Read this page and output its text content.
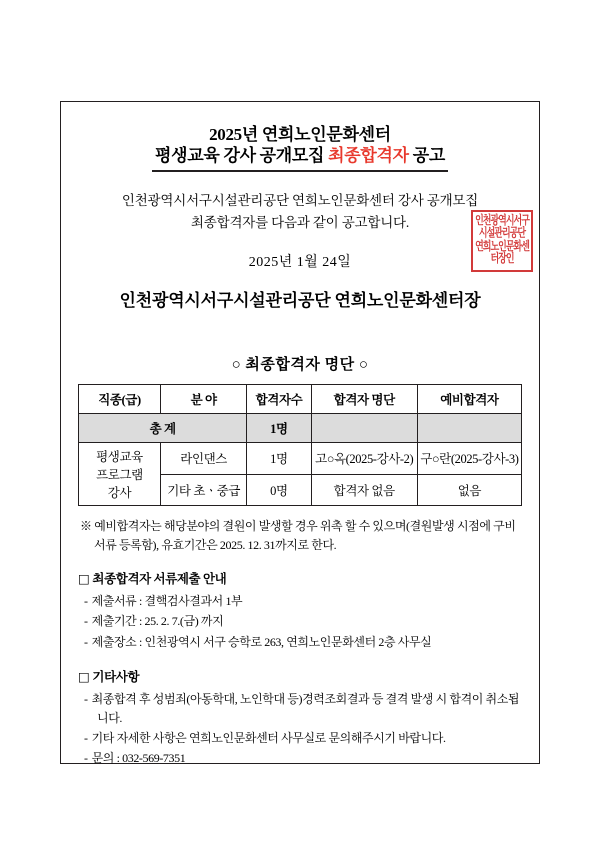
2025년 연희노인문화센터
평생교육 강사 공개모집 최종합격자 공고
인천광역시서구시설관리공단 연희노인문화센터 강사 공개모집
최종합격자를 다음과 같이 공고합니다.
2025년 1월 24일
인천광역시서구시설관리공단 연희노인문화센터장
인천광역시서구시설관리공단 연희노인문화센터장인
○ 최종합격자 명단 ○
직종(급)	분 야	합격자수	합격자 명단	예비합격자
총 계		1명		
평생교육
프로그램
강사	라인댄스	1명	고○옥(2025-강사-2)	구○란(2025-강사-3)
	기타 초ㆍ중급	0명	합격자 없음	없음
※ 예비합격자는 해당분야의 결원이 발생할 경우 위촉 할 수 있으며(결원발생 시점에 구비서류 등록함), 유효기간은 2025. 12. 31까지로 한다.
□ 최종합격자 서류제출 안내
- 제출서류 : 결핵검사결과서 1부
- 제출기간 : 25. 2. 7.(금) 까지
- 제출장소 : 인천광역시 서구 승학로 263, 연희노인문화센터 2층 사무실
□ 기타사항
- 최종합격 후 성범죄(아동학대, 노인학대 등)경력조회결과 등 결격 발생 시 합격이 취소됩니다.
- 기타 자세한 사항은 연희노인문화센터 사무실로 문의해주시기 바랍니다.
- 문의 : 032-569-7351
